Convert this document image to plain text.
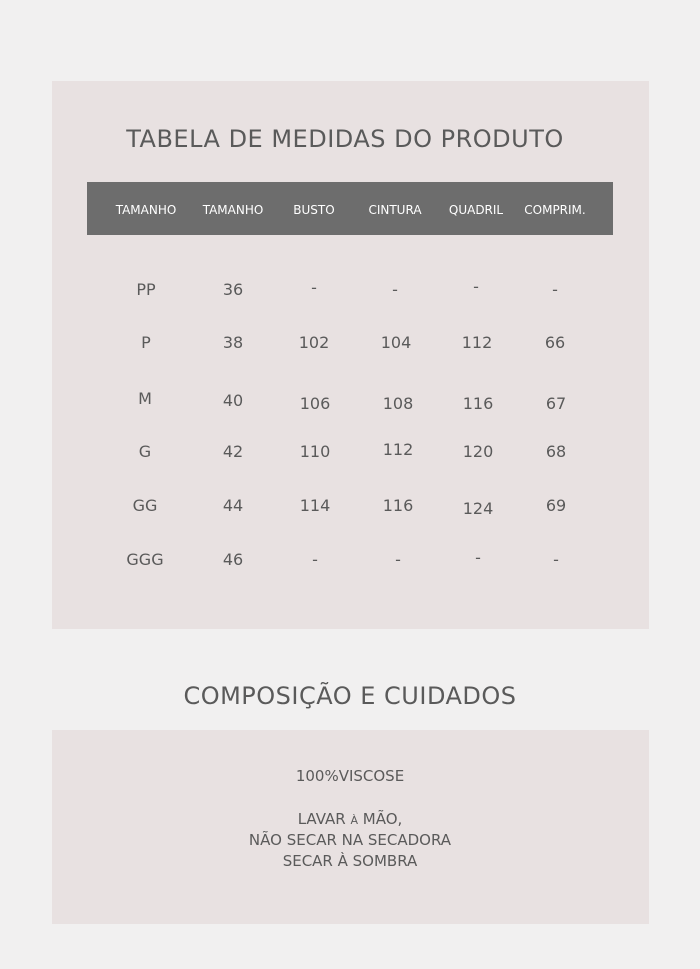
TABELA DE MEDIDAS DO PRODUTO
TAMANHO	TAMANHO	BUSTO	CINTURA	QUADRIL	COMPRIM.
PP	36	-	-	-	-
P	38	102	104	112	66
M	40	106	108	116	67
G	42	110	112	120	68
GG	44	114	116	124	69
GGG	46	-	-	-	-
COMPOSIÇÃO E CUIDADOS
100%VISCOSE
LAVAR À MÃO,
NÃO SECAR NA SECADORA
SECAR À SOMBRA
